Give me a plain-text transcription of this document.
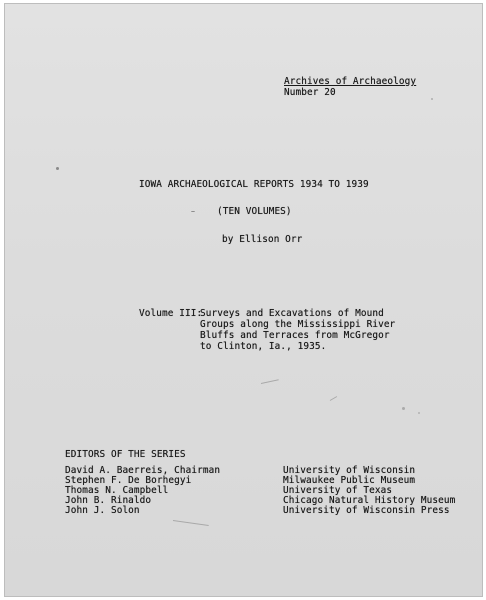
Archives of Archaeology
Number 20
IOWA ARCHAEOLOGICAL REPORTS 1934 TO 1939
(TEN VOLUMES)
by Ellison Orr
Volume III:
Surveys and Excavations of Mound
Groups along the Mississippi River
Bluffs and Terraces from McGregor
to Clinton, Ia., 1935.
EDITORS OF THE SERIES
David A. Baerreis, Chairman	University of Wisconsin
Stephen F. De Borhegyi	Milwaukee Public Museum
Thomas N. Campbell	University of Texas
John B. Rinaldo	Chicago Natural History Museum
John J. Solon	University of Wisconsin Press
